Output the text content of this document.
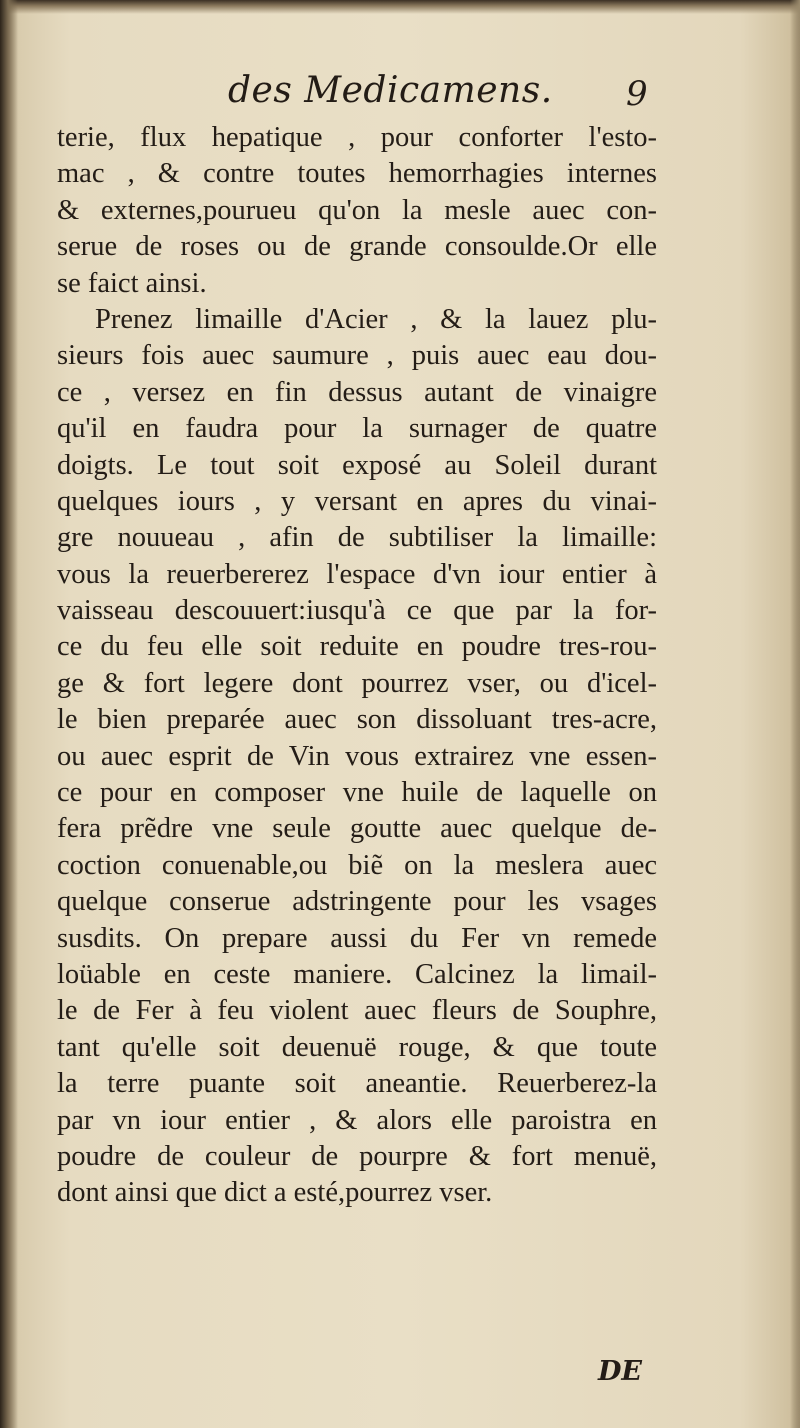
des Medicamens. 9
terie, flux hepatique , pour conforter l'esto-
mac , & contre toutes hemorrhagies internes
& externes,pourueu qu'on la mesle auec con-
serue de roses ou de grande consoulde.Or elle
se faict ainsi.
Prenez limaille d'Acier , & la lauez plu-
sieurs fois auec saumure , puis auec eau dou-
ce , versez en fin dessus autant de vinaigre
qu'il en faudra pour la surnager de quatre
doigts. Le tout soit exposé au Soleil durant
quelques iours , y versant en apres du vinai-
gre nouueau , afin de subtiliser la limaille:
vous la reuerbererez l'espace d'vn iour entier à
vaisseau descouuert:iusqu'à ce que par la for-
ce du feu elle soit reduite en poudre tres-rou-
ge & fort legere dont pourrez vser, ou d'icel-
le bien preparée auec son dissoluant tres-acre,
ou auec esprit de Vin vous extrairez vne essen-
ce pour en composer vne huile de laquelle on
fera prẽdre vne seule goutte auec quelque de-
coction conuenable,ou biẽ on la meslera auec
quelque conserue adstringente pour les vsages
susdits. On prepare aussi du Fer vn remede
loüable en ceste maniere. Calcinez la limail-
le de Fer à feu violent auec fleurs de Souphre,
tant qu'elle soit deuenuë rouge, & que toute
la terre puante soit aneantie. Reuerberez-la
par vn iour entier , & alors elle paroistra en
poudre de couleur de pourpre & fort menuë,
dont ainsi que dict a esté,pourrez vser.
DE
